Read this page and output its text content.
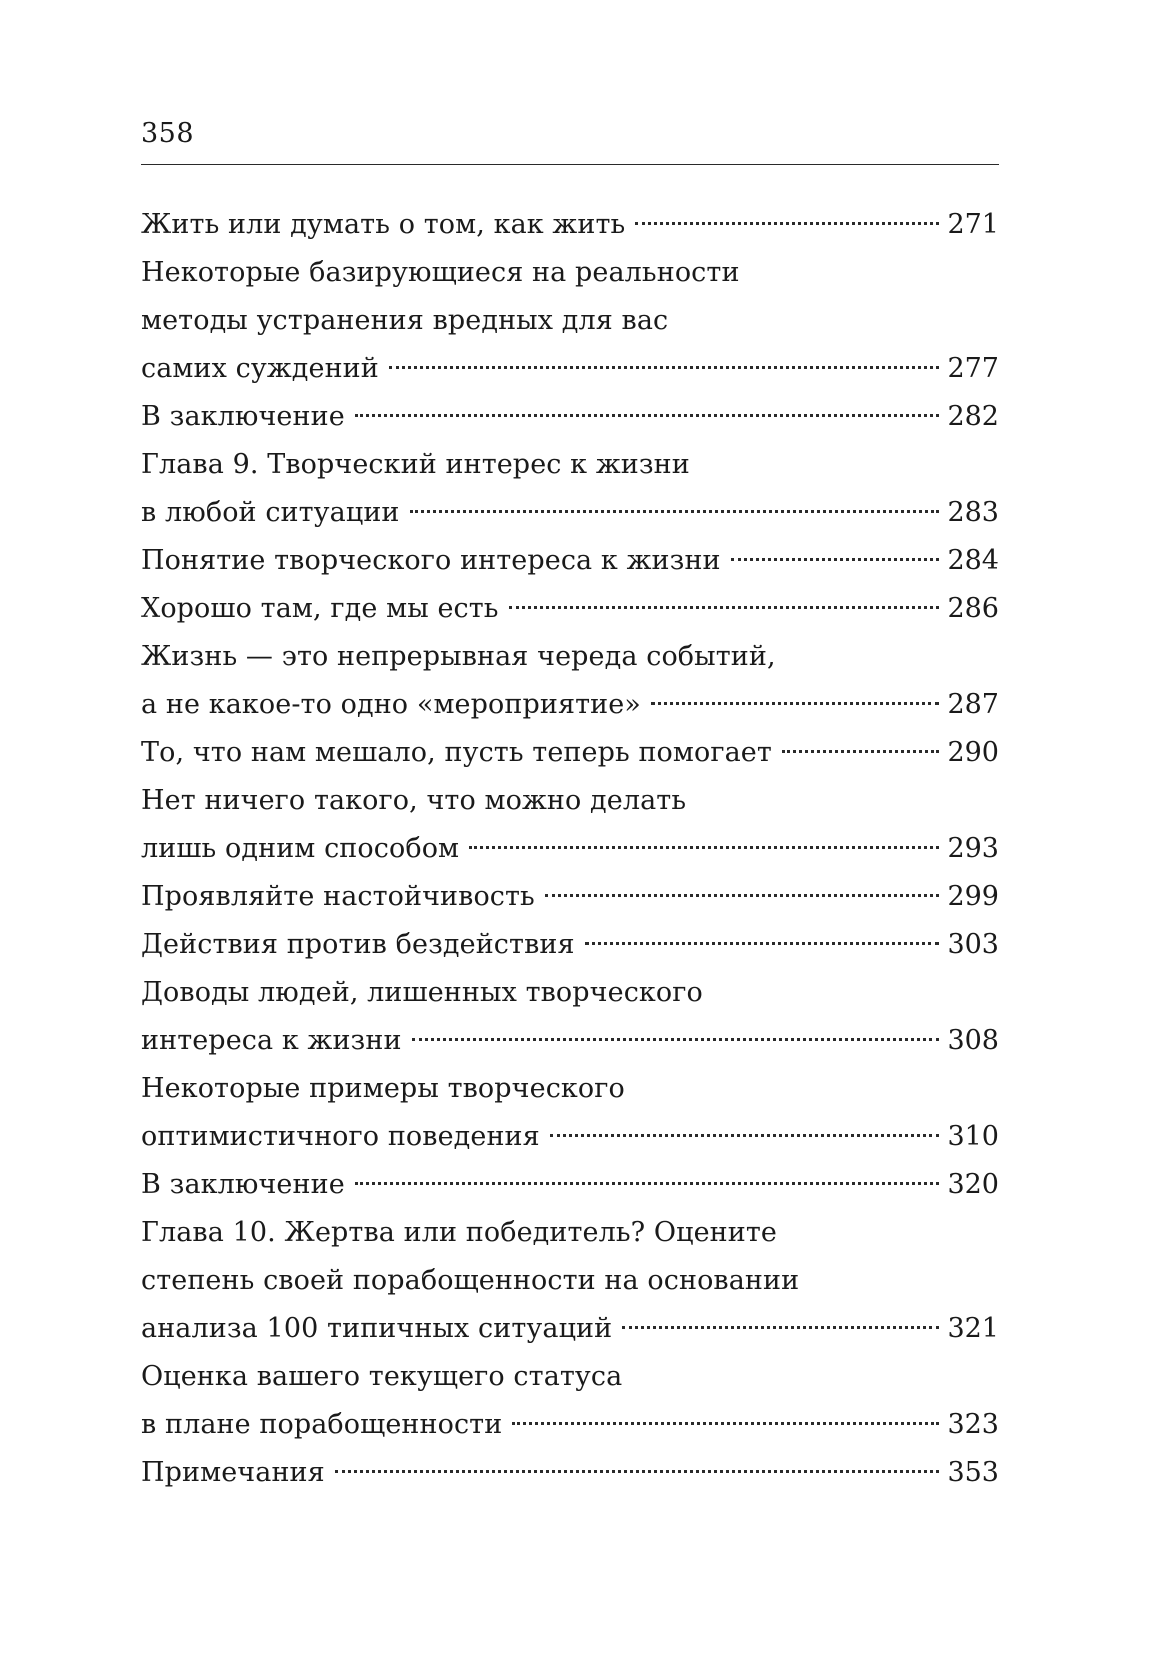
358
Жить или думать о том, как жить	271
Некоторые базирующиеся на реальности
методы устранения вредных для вас
самих суждений	277
В заключение	282
Глава 9. Творческий интерес к жизни
в любой ситуации	283
Понятие творческого интереса к жизни	284
Хорошо там, где мы есть	286
Жизнь — это непрерывная череда событий,
а не какое-то одно «мероприятие»	287
То, что нам мешало, пусть теперь помогает	290
Нет ничего такого, что можно делать
лишь одним способом	293
Проявляйте настойчивость	299
Действия против бездействия	303
Доводы людей, лишенных творческого
интереса к жизни	308
Некоторые примеры творческого
оптимистичного поведения	310
В заключение	320
Глава 10. Жертва или победитель? Оцените
степень своей порабощенности на основании
анализа 100 типичных ситуаций	321
Оценка вашего текущего статуса
в плане порабощенности	323
Примечания	353
